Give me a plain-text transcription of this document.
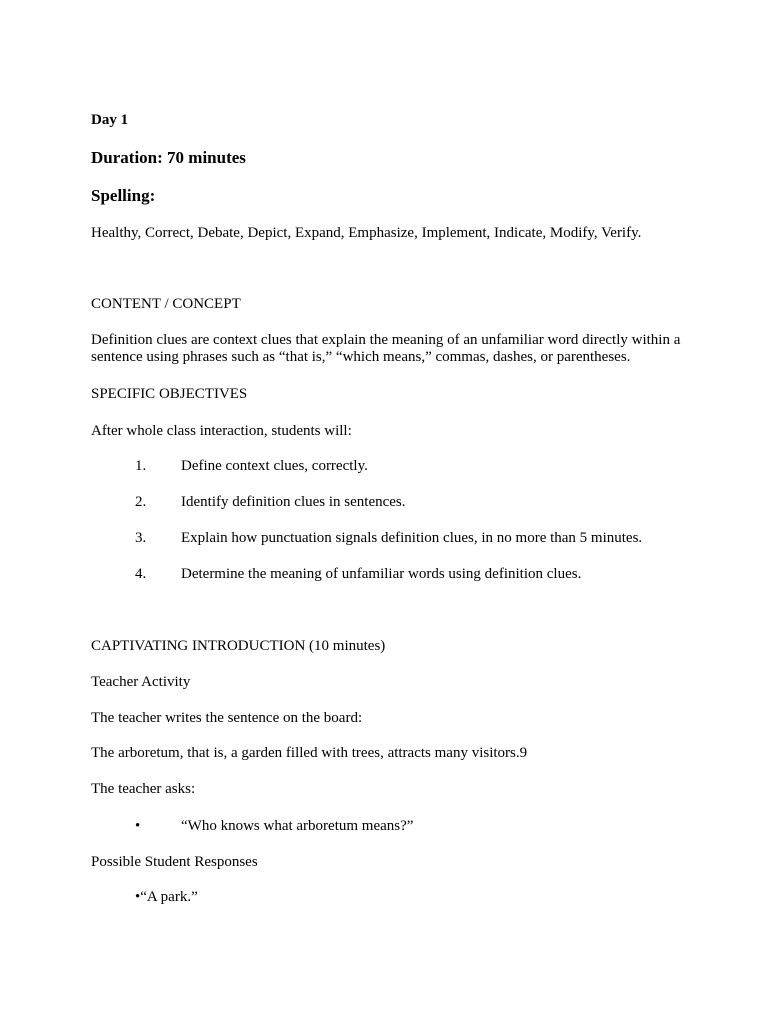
Day 1
Duration: 70 minutes
Spelling:
Healthy, Correct, Debate, Depict, Expand, Emphasize, Implement, Indicate, Modify, Verify.
CONTENT / CONCEPT
Definition clues are context clues that explain the meaning of an unfamiliar word directly within a sentence using phrases such as “that is,” “which means,” commas, dashes, or parentheses.
SPECIFIC OBJECTIVES
After whole class interaction, students will:
1. Define context clues, correctly.
2. Identify definition clues in sentences.
3. Explain how punctuation signals definition clues, in no more than 5 minutes.
4. Determine the meaning of unfamiliar words using definition clues.
CAPTIVATING INTRODUCTION (10 minutes)
Teacher Activity
The teacher writes the sentence on the board:
The arboretum, that is, a garden filled with trees, attracts many visitors.9
The teacher asks:
•	“Who knows what arboretum means?”
Possible Student Responses
•“A park.”
